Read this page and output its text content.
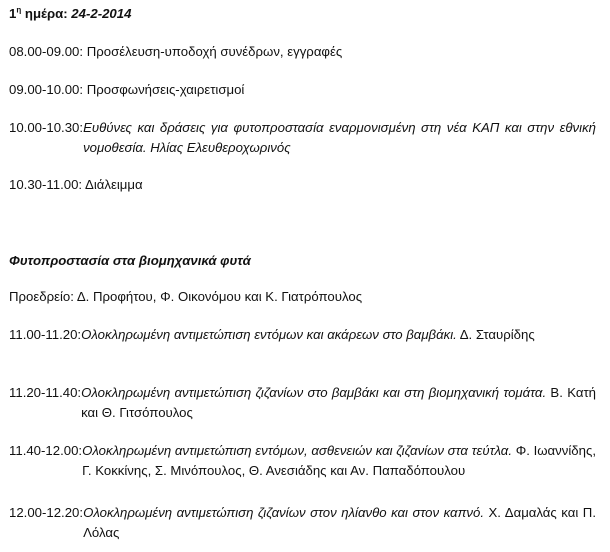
$1^\eta$ ημέρα: 24-2-2014
08.00-09.00: Προσέλευση-υποδοχή συνέδρων, εγγραφές
09.00-10.00: Προσφωνήσεις-χαιρετισμοί
10.00-10.30: Ευθύνες και δράσεις για φυτοπροστασία εναρμονισμένη στη νέα ΚΑΠ και στην εθνική νομοθεσία. Ηλίας Ελευθεροχωρινός
10.30-11.00: Διάλειμμα
Φυτοπροστασία στα βιομηχανικά φυτά
Προεδρείο: Δ. Προφήτου, Φ. Οικονόμου και Κ. Γιατρόπουλος
11.00-11.20: Ολοκληρωμένη αντιμετώπιση εντόμων και ακάρεων στο βαμβάκι. Δ. Σταυρίδης
11.20-11.40: Ολοκληρωμένη αντιμετώπιση ζιζανίων στο βαμβάκι και στη βιομηχανική τομάτα. Β. Κατή και Θ. Γιτσόπουλος
11.40-12.00: Ολοκληρωμένη αντιμετώπιση εντόμων, ασθενειών και ζιζανίων στα τεύτλα. Φ. Ιωαννίδης, Γ. Κοκκίνης, Σ. Μινόπουλος, Θ. Ανεσιάδης και Αν. Παπαδόπουλου
12.00-12.20: Ολοκληρωμένη αντιμετώπιση ζιζανίων στον ηλίανθο και στον καπνό. Χ. Δαμαλάς και Π. Λόλας
